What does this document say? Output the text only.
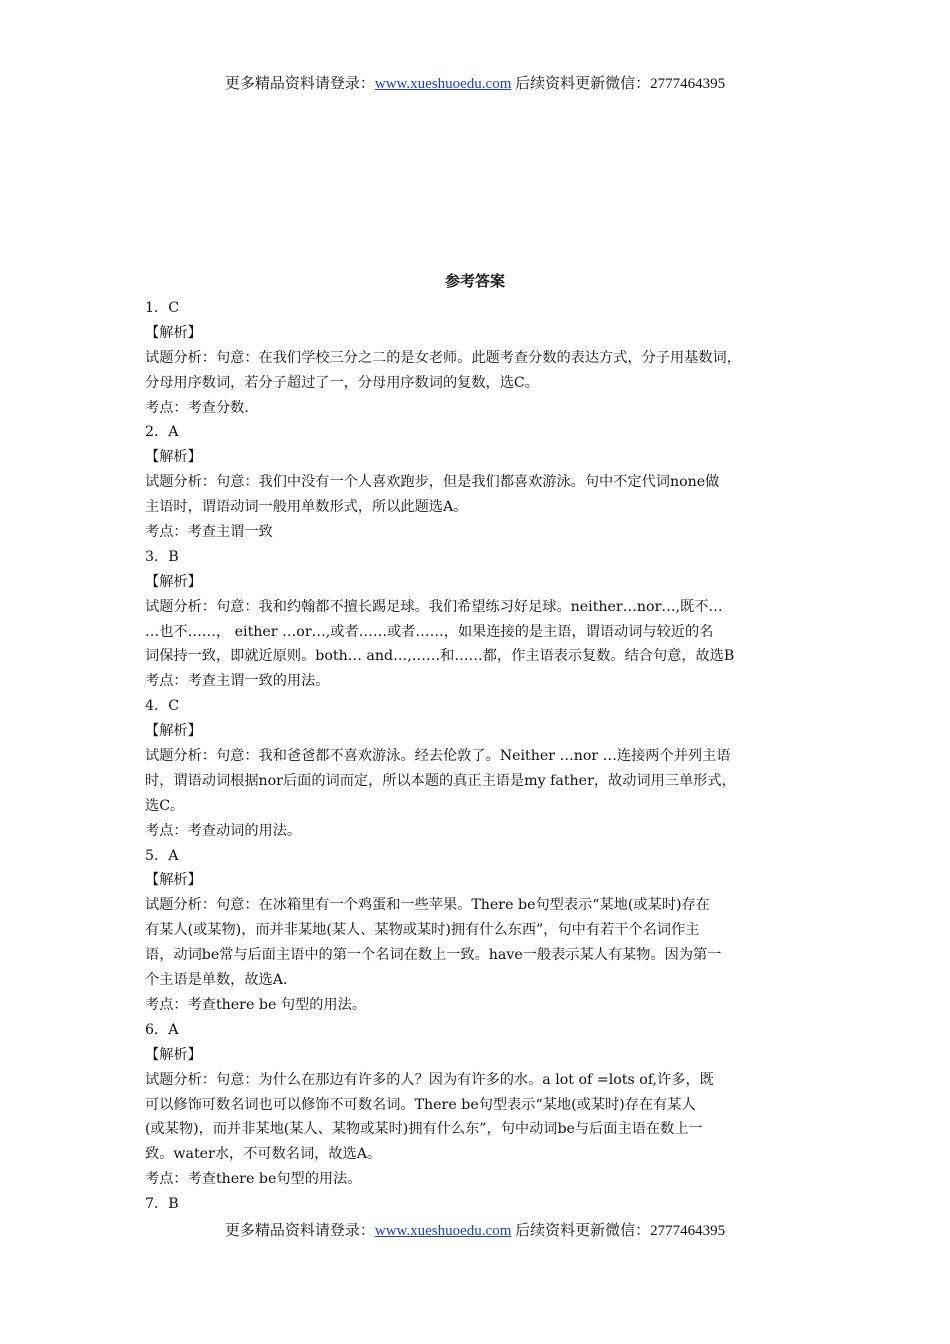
更多精品资料请登录：www.xueshuoedu.com 后续资料更新微信：2777464395
参考答案
1．C
【解析】
试题分析：句意：在我们学校三分之二的是女老师。此题考查分数的表达方式，分子用基数词，
分母用序数词，若分子超过了一，分母用序数词的复数，选C。
考点：考查分数.
2．A
【解析】
试题分析：句意：我们中没有一个人喜欢跑步，但是我们都喜欢游泳。句中不定代词none做
主语时，谓语动词一般用单数形式，所以此题选A。
考点：考查主谓一致
3．B
【解析】
试题分析：句意：我和约翰都不擅长踢足球。我们希望练习好足球。neither…nor…,既不…
…也不……， either …or…,或者……或者……，如果连接的是主语，谓语动词与较近的名
词保持一致，即就近原则。both… and…,……和……都，作主语表示复数。结合句意，故选B
考点：考查主谓一致的用法。
4．C
【解析】
试题分析：句意：我和爸爸都不喜欢游泳。经去伦敦了。Neither …nor …连接两个并列主语
时，谓语动词根据nor后面的词而定，所以本题的真正主语是my father，故动词用三单形式，
选C。
考点：考查动词的用法。
5．A
【解析】
试题分析：句意：在冰箱里有一个鸡蛋和一些苹果。There be句型表示“某地(或某时)存在
有某人(或某物)，而并非某地(某人、某物或某时)拥有什么东西”，句中有若干个名词作主
语，动词be常与后面主语中的第一个名词在数上一致。have一般表示某人有某物。因为第一
个主语是单数，故选A.
考点：考查there be 句型的用法。
6．A
【解析】
试题分析：句意：为什么在那边有许多的人？因为有许多的水。a lot of =lots of,许多，既
可以修饰可数名词也可以修饰不可数名词。There be句型表示“某地(或某时)存在有某人
(或某物)，而并非某地(某人、某物或某时)拥有什么东”，句中动词be与后面主语在数上一
致。water水，不可数名词，故选A。
考点：考查there be句型的用法。
7．B
更多精品资料请登录：www.xueshuoedu.com 后续资料更新微信：2777464395
